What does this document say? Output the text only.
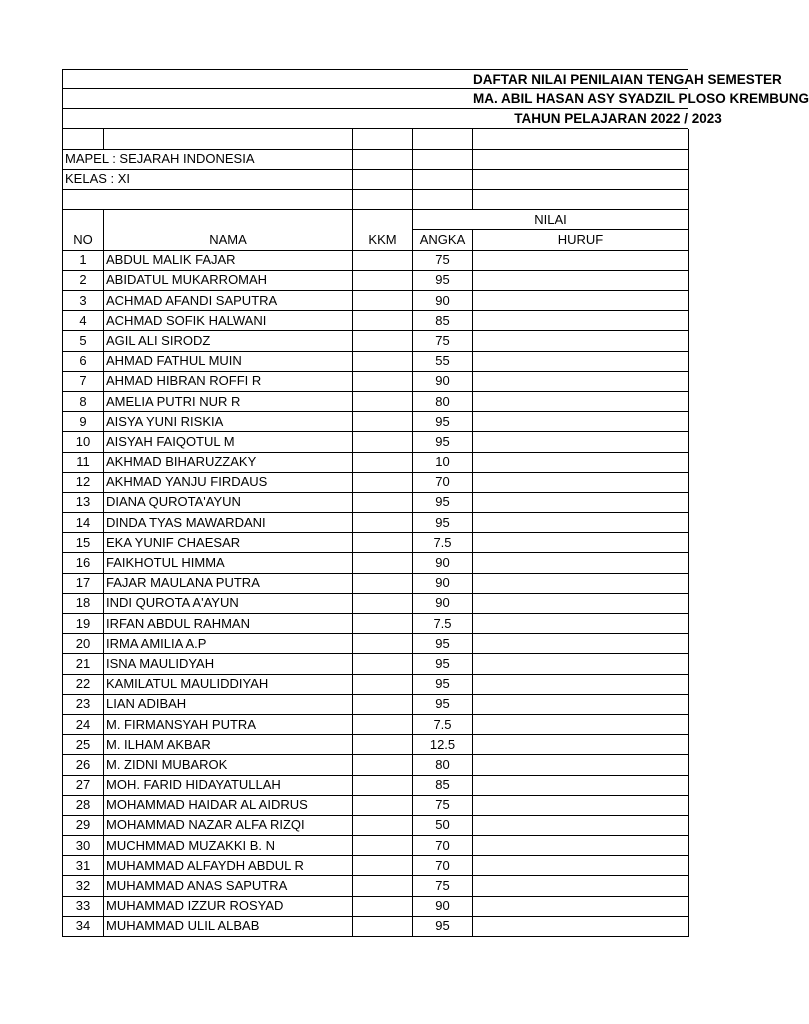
DAFTAR NILAI PENILAIAN TENGAH SEMESTER
MA. ABIL HASAN ASY SYADZIL PLOSO KREMBUNG
TAHUN PELAJARAN 2022 / 2023

MAPEL : SEJARAH INDONESIA				
KELAS : XI				

			NILAI	
NO	NAMA	KKM	ANGKA	HURUF
1	ABDUL MALIK FAJAR		75	
2	ABIDATUL MUKARROMAH		95	
3	ACHMAD AFANDI SAPUTRA		90	
4	ACHMAD SOFIK HALWANI		85	
5	AGIL ALI SIRODZ		75	
6	AHMAD FATHUL MUIN		55	
7	AHMAD HIBRAN ROFFI R		90	
8	AMELIA PUTRI NUR R		80	
9	AISYA YUNI RISKIA		95	
10	AISYAH FAIQOTUL M		95	
11	AKHMAD BIHARUZZAKY		10	
12	AKHMAD YANJU FIRDAUS		70	
13	DIANA QUROTA'AYUN		95	
14	DINDA TYAS MAWARDANI		95	
15	EKA YUNIF CHAESAR		7.5	
16	FAIKHOTUL HIMMA		90	
17	FAJAR MAULANA PUTRA		90	
18	INDI QUROTA A'AYUN		90	
19	IRFAN ABDUL RAHMAN		7.5	
20	IRMA AMILIA A.P		95	
21	ISNA MAULIDYAH		95	
22	KAMILATUL MAULIDDIYAH		95	
23	LIAN ADIBAH		95	
24	M. FIRMANSYAH PUTRA		7.5	
25	M. ILHAM AKBAR		12.5	
26	M. ZIDNI MUBAROK		80	
27	MOH. FARID HIDAYATULLAH		85	
28	MOHAMMAD HAIDAR AL AIDRUS		75	
29	MOHAMMAD NAZAR ALFA RIZQI		50	
30	MUCHMMAD MUZAKKI B. N		70	
31	MUHAMMAD ALFAYDH ABDUL R		70	
32	MUHAMMAD ANAS SAPUTRA		75	
33	MUHAMMAD IZZUR ROSYAD		90	
34	MUHAMMAD ULIL ALBAB		95	
